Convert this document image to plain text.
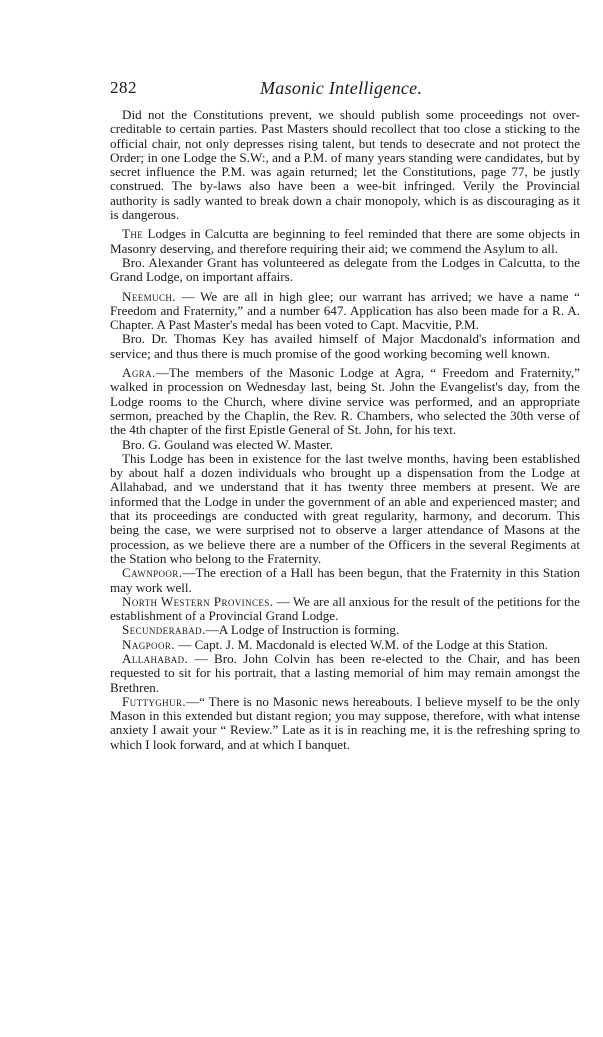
282	Masonic Intelligence.

Did not the Constitutions prevent, we should publish some proceedings not over-creditable to certain parties. Past Masters should recollect that too close a sticking to the official chair, not only depresses rising talent, but tends to desecrate and not protect the Order; in one Lodge the S.W:, and a P.M. of many years standing were candidates, but by secret influence the P.M. was again returned; let the Constitutions, page 77, be justly construed. The by-laws also have been a wee-bit infringed. Verily the Provincial authority is sadly wanted to break down a chair monopoly, which is as discouraging as it is dangerous.

The Lodges in Calcutta are beginning to feel reminded that there are some objects in Masonry deserving, and therefore requiring their aid; we commend the Asylum to all.

Bro. Alexander Grant has volunteered as delegate from the Lodges in Calcutta, to the Grand Lodge, on important affairs.

Neemuch. — We are all in high glee; our warrant has arrived; we have a name “ Freedom and Fraternity,” and a number 647. Application has also been made for a R. A. Chapter. A Past Master's medal has been voted to Capt. Macvitie, P.M.

Bro. Dr. Thomas Key has availed himself of Major Macdonald's information and service; and thus there is much promise of the good working becoming well known.

Agra.—The members of the Masonic Lodge at Agra, “ Freedom and Fraternity,” walked in procession on Wednesday last, being St. John the Evangelist's day, from the Lodge rooms to the Church, where divine service was performed, and an appropriate sermon, preached by the Chaplin, the Rev. R. Chambers, who selected the 30th verse of the 4th chapter of the first Epistle General of St. John, for his text.

Bro. G. Gouland was elected W. Master.

This Lodge has been in existence for the last twelve months, having been established by about half a dozen individuals who brought up a dispensation from the Lodge at Allahabad, and we understand that it has twenty three members at present. We are informed that the Lodge in under the government of an able and experienced master; and that its proceedings are conducted with great regularity, harmony, and decorum. This being the case, we were surprised not to observe a larger attendance of Masons at the procession, as we believe there are a number of the Officers in the several Regiments at the Station who belong to the Fraternity.

Cawnpoor.—The erection of a Hall has been begun, that the Fraternity in this Station may work well.

North Western Provinces. — We are all anxious for the result of the petitions for the establishment of a Provincial Grand Lodge.

Secunderabad.—A Lodge of Instruction is forming.

Nagpoor. — Capt. J. M. Macdonald is elected W.M. of the Lodge at this Station.

Allahabad. — Bro. John Colvin has been re-elected to the Chair, and has been requested to sit for his portrait, that a lasting memorial of him may remain amongst the Brethren.

Futtyghur.—“ There is no Masonic news hereabouts. I believe myself to be the only Mason in this extended but distant region; you may suppose, therefore, with what intense anxiety I await your “ Review.” Late as it is in reaching me, it is the refreshing spring to which I look forward, and at which I banquet.
